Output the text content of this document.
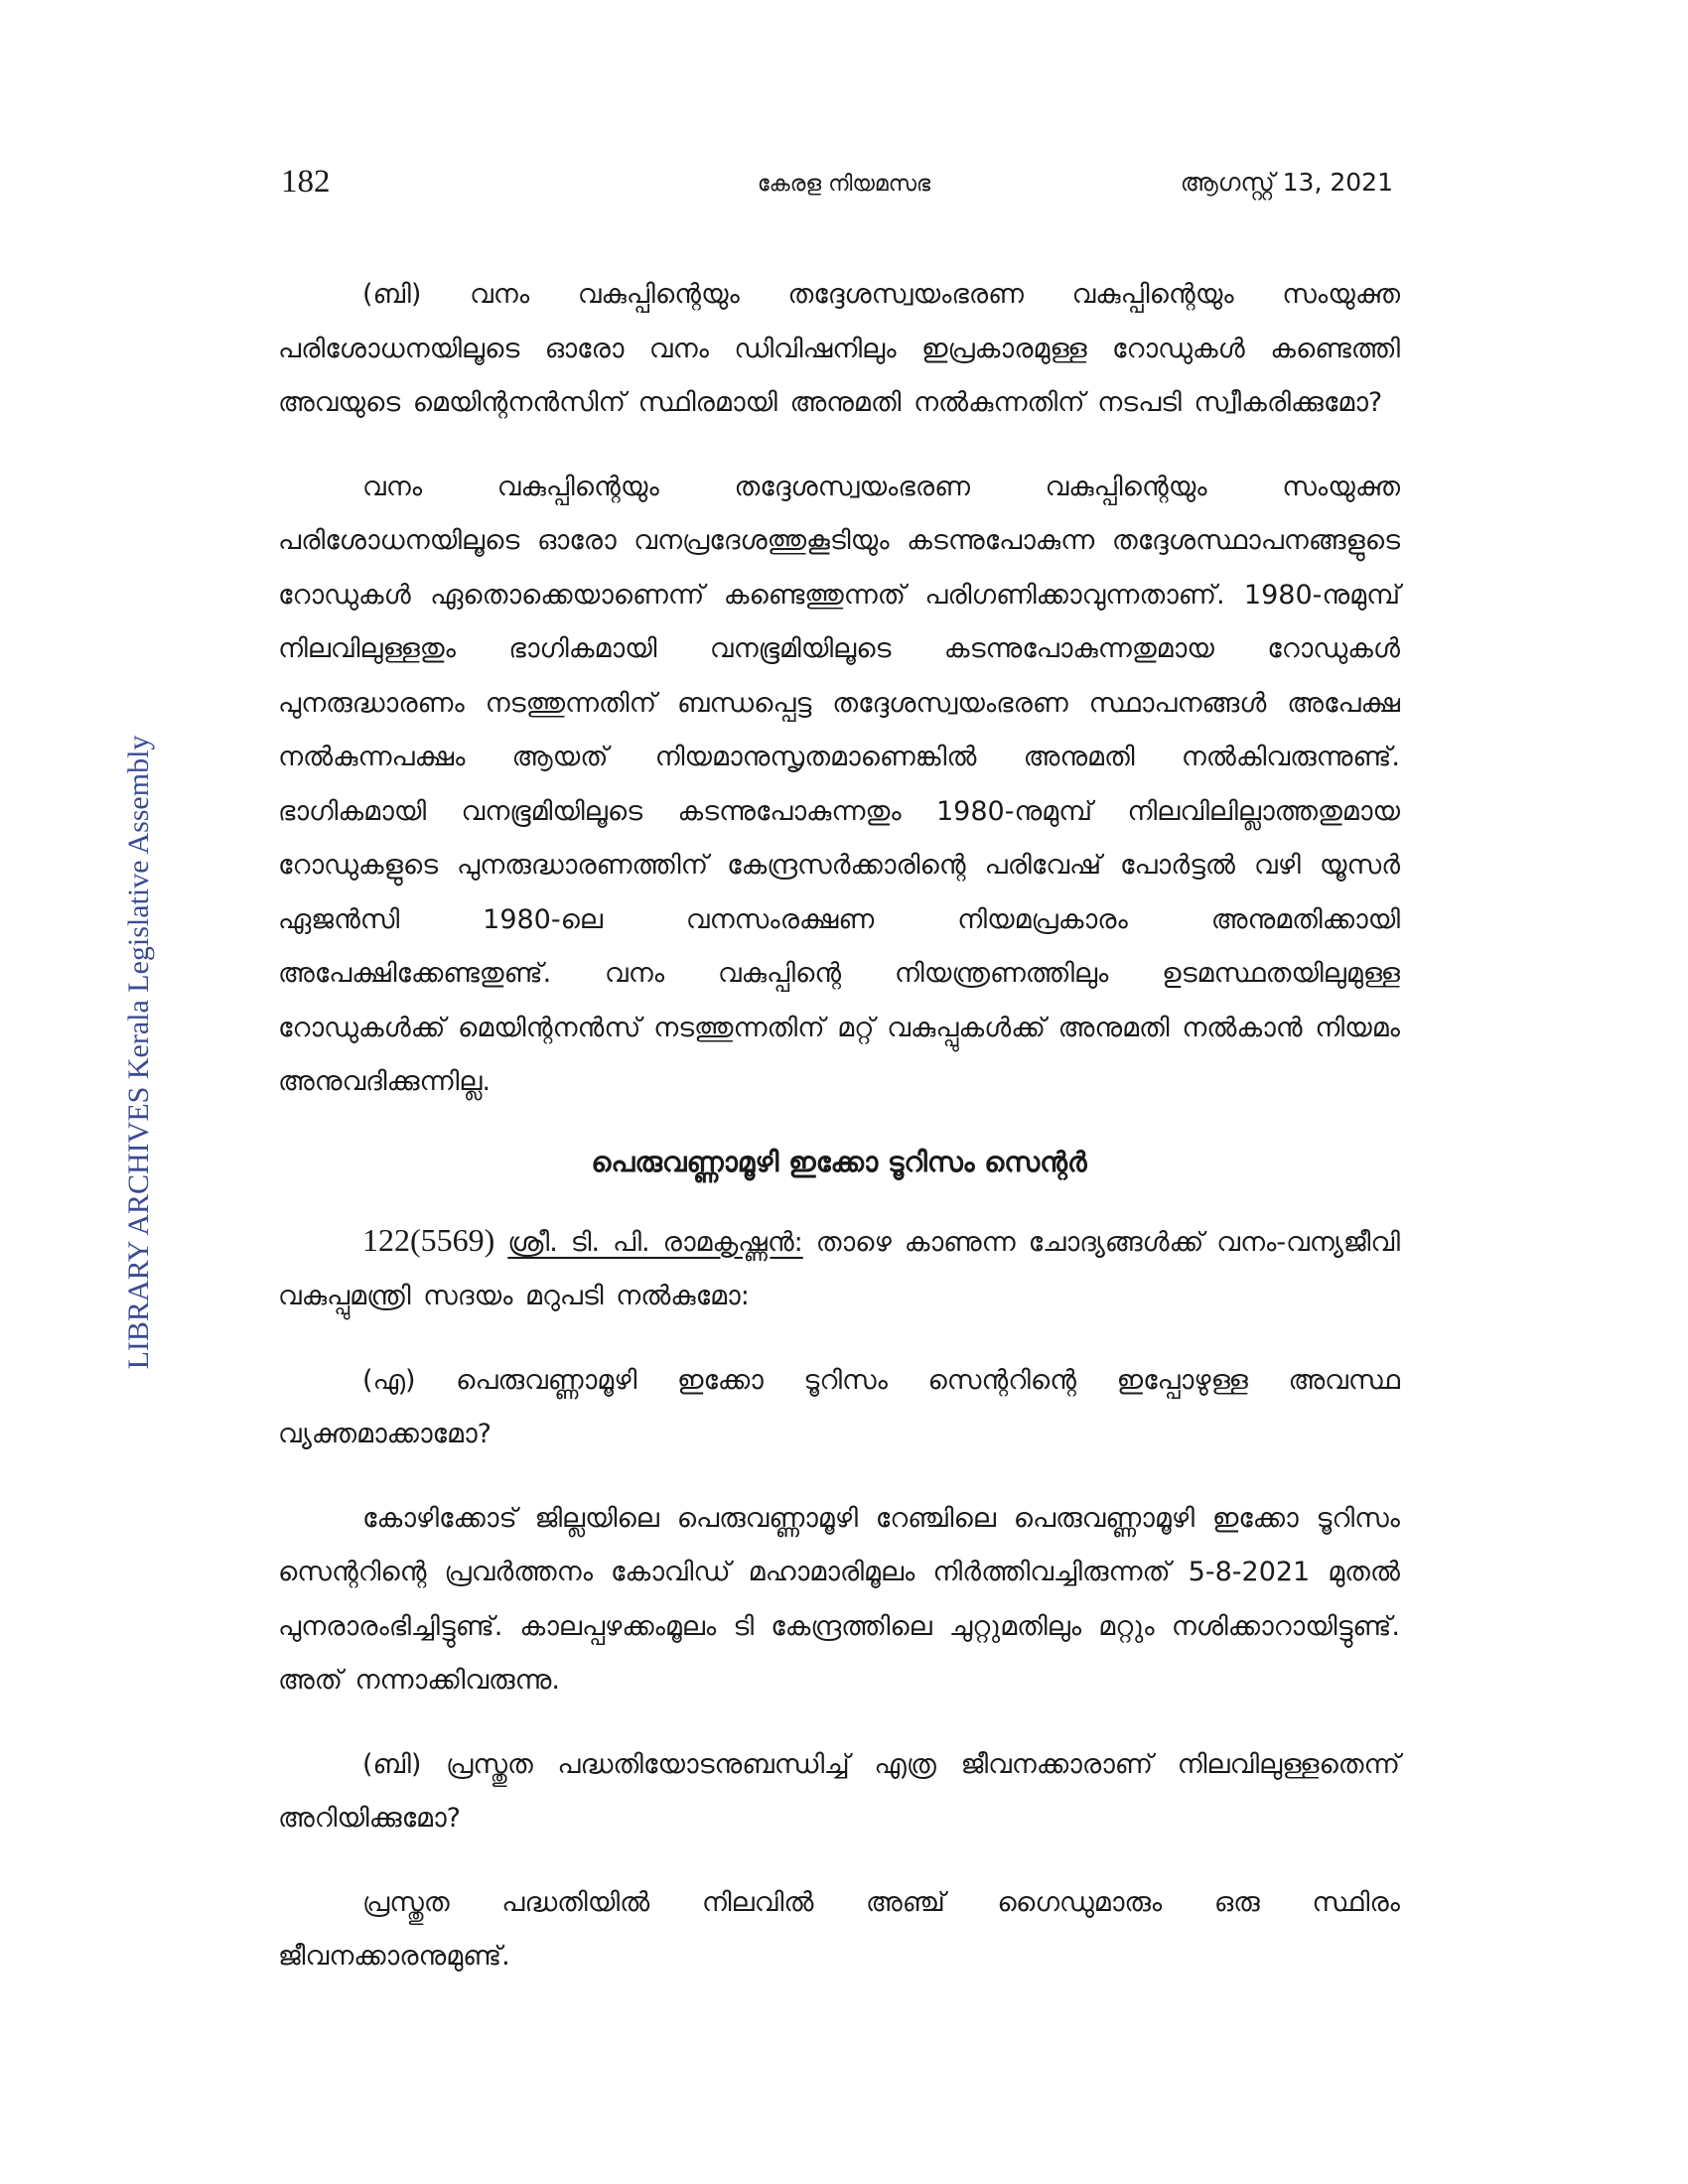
182	കേരള നിയമസഭ	ആഗസ്റ്റ് 13, 2021
LIBRARY ARCHIVES Kerala Legislative Assembly

(ബി) വനം വകുപ്പിന്റെയും തദ്ദേശസ്വയംഭരണ വകുപ്പിന്റെയും സംയുക്ത പരിശോധനയിലൂടെ ഓരോ വനം ഡിവിഷനിലും ഇപ്രകാരമുള്ള റോഡുകൾ കണ്ടെത്തി അവയുടെ മെയിന്റനൻസിന് സ്ഥിരമായി അനുമതി നൽകുന്നതിന് നടപടി സ്വീകരിക്കുമോ?

വനം വകുപ്പിന്റെയും തദ്ദേശസ്വയംഭരണ വകുപ്പിന്റെയും സംയുക്ത പരിശോധനയിലൂടെ ഓരോ വനപ്രദേശത്തുകൂടിയും കടന്നുപോകുന്ന തദ്ദേശസ്ഥാപനങ്ങളുടെ റോഡുകൾ ഏതൊക്കെയാണെന്ന് കണ്ടെത്തുന്നത് പരിഗണിക്കാവുന്നതാണ്. 1980-നുമുമ്പ് നിലവിലുള്ളതും ഭാഗികമായി വനഭൂമിയിലൂടെ കടന്നുപോകുന്നതുമായ റോഡുകൾ പുനരുദ്ധാരണം നടത്തുന്നതിന് ബന്ധപ്പെട്ട തദ്ദേശസ്വയംഭരണ സ്ഥാപനങ്ങൾ അപേക്ഷ നൽകുന്നപക്ഷം ആയത് നിയമാനുസൃതമാണെങ്കിൽ അനുമതി നൽകിവരുന്നുണ്ട്. ഭാഗികമായി വനഭൂമിയിലൂടെ കടന്നുപോകുന്നതും 1980-നുമുമ്പ് നിലവിലില്ലാത്തതുമായ റോഡുകളുടെ പുനരുദ്ധാരണത്തിന് കേന്ദ്രസർക്കാരിന്റെ പരിവേഷ് പോർട്ടൽ വഴി യൂസർ ഏജൻസി 1980-ലെ വനസംരക്ഷണ നിയമപ്രകാരം അനുമതിക്കായി അപേക്ഷിക്കേണ്ടതുണ്ട്. വനം വകുപ്പിന്റെ നിയന്ത്രണത്തിലും ഉടമസ്ഥതയിലുമുള്ള റോഡുകൾക്ക് മെയിന്റനൻസ് നടത്തുന്നതിന് മറ്റ് വകുപ്പുകൾക്ക് അനുമതി നൽകാൻ നിയമം അനുവദിക്കുന്നില്ല.

പെരുവണ്ണാമൂഴി ഇക്കോ ടൂറിസം സെന്റർ

122(5569) ശ്രീ. ടി. പി. രാമകൃഷ്ണൻ: താഴെ കാണുന്ന ചോദ്യങ്ങൾക്ക് വനം-വന്യജീവി വകുപ്പുമന്ത്രി സദയം മറുപടി നൽകുമോ:

(എ) പെരുവണ്ണാമൂഴി ഇക്കോ ടൂറിസം സെന്ററിന്റെ ഇപ്പോഴുള്ള അവസ്ഥ വ്യക്തമാക്കാമോ?

കോഴിക്കോട് ജില്ലയിലെ പെരുവണ്ണാമൂഴി റേഞ്ചിലെ പെരുവണ്ണാമൂഴി ഇക്കോ ടൂറിസം സെന്ററിന്റെ പ്രവർത്തനം കോവിഡ് മഹാമാരിമൂലം നിർത്തിവച്ചിരുന്നത് 5-8-2021 മുതൽ പുനരാരംഭിച്ചിട്ടുണ്ട്. കാലപ്പഴക്കംമൂലം ടി കേന്ദ്രത്തിലെ ചുറ്റുമതിലും മറ്റും നശിക്കാറായിട്ടുണ്ട്. അത് നന്നാക്കിവരുന്നു.

(ബി) പ്രസ്തുത പദ്ധതിയോടനുബന്ധിച്ച് എത്ര ജീവനക്കാരാണ് നിലവിലുള്ളതെന്ന് അറിയിക്കുമോ?

പ്രസ്തുത പദ്ധതിയിൽ നിലവിൽ അഞ്ച് ഗൈഡുമാരും ഒരു സ്ഥിരം ജീവനക്കാരനുമുണ്ട്.
